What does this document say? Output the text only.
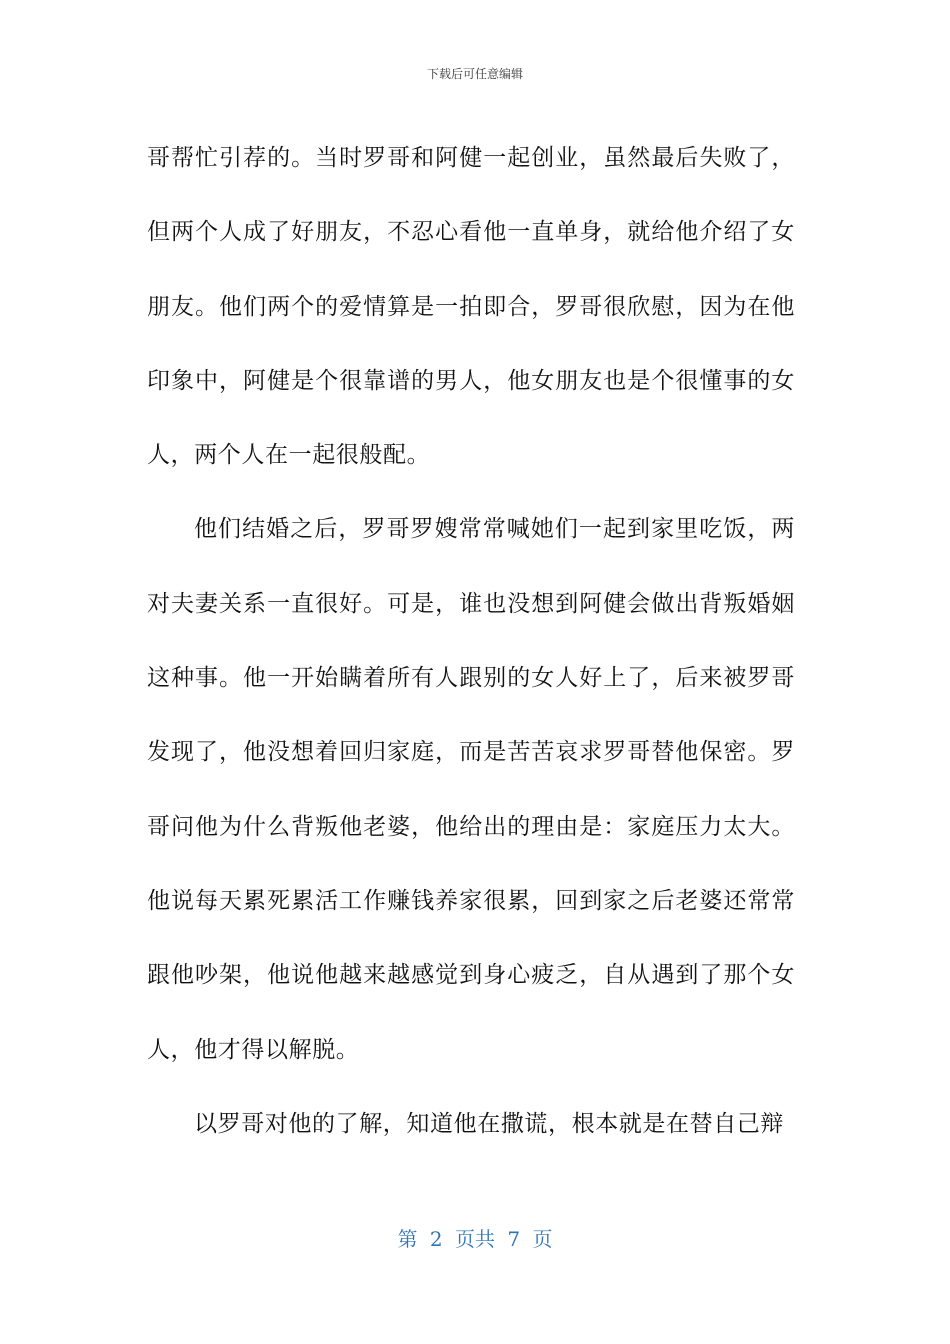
下载后可任意编辑

哥帮忙引荐的。当时罗哥和阿健一起创业，虽然最后失败了，但两个人成了好朋友，不忍心看他一直单身，就给他介绍了女朋友。他们两个的爱情算是一拍即合，罗哥很欣慰，因为在他印象中，阿健是个很靠谱的男人，他女朋友也是个很懂事的女人，两个人在一起很般配。

他们结婚之后，罗哥罗嫂常常喊她们一起到家里吃饭，两对夫妻关系一直很好。可是，谁也没想到阿健会做出背叛婚姻这种事。他一开始瞒着所有人跟别的女人好上了，后来被罗哥发现了，他没想着回归家庭，而是苦苦哀求罗哥替他保密。罗哥问他为什么背叛他老婆，他给出的理由是：家庭压力太大。他说每天累死累活工作赚钱养家很累，回到家之后老婆还常常跟他吵架，他说他越来越感觉到身心疲乏，自从遇到了那个女人，他才得以解脱。

以罗哥对他的了解，知道他在撒谎，根本就是在替自己辩

第 2 页共 7 页
